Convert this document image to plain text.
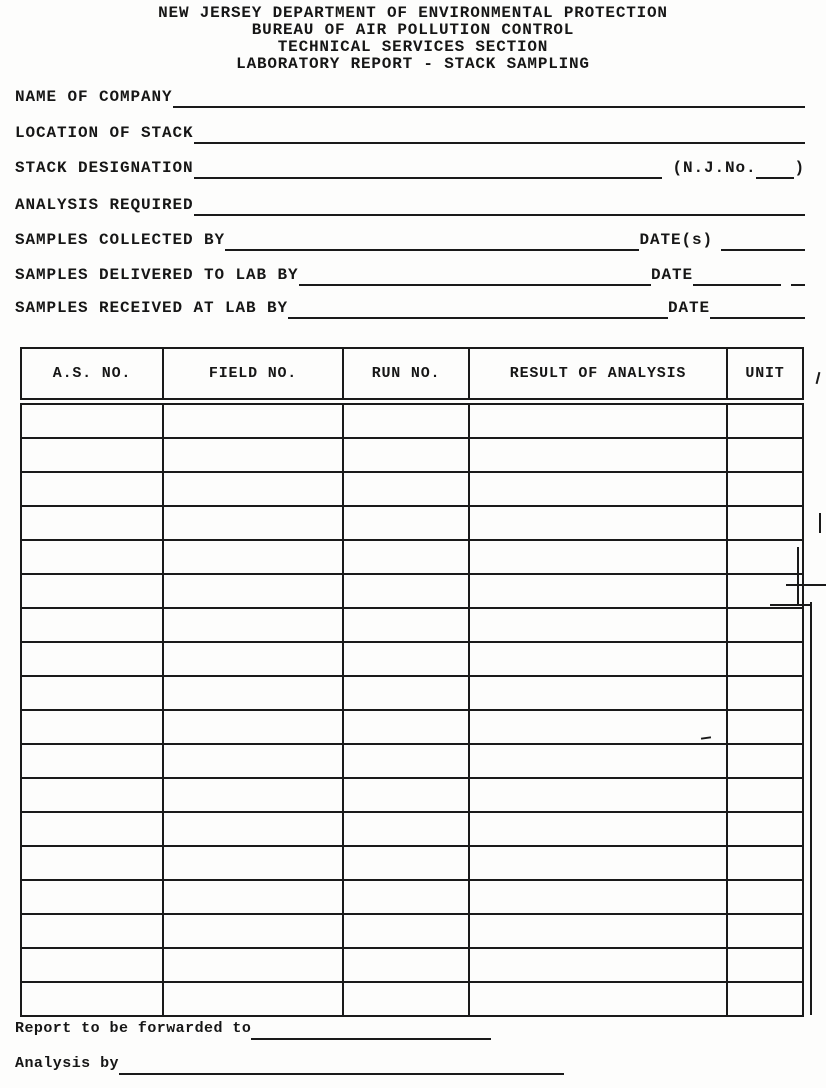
NEW JERSEY DEPARTMENT OF ENVIRONMENTAL PROTECTION
BUREAU OF AIR POLLUTION CONTROL
TECHNICAL SERVICES SECTION
LABORATORY REPORT - STACK SAMPLING
NAME OF COMPANY
LOCATION OF STACK
STACK DESIGNATION	(N.J.No. )
ANALYSIS REQUIRED
SAMPLES COLLECTED BY	DATE(s)
SAMPLES DELIVERED TO LAB BY	DATE
SAMPLES RECEIVED AT LAB BY	DATE
A.S. NO.	FIELD NO.	RUN NO.	RESULT OF ANALYSIS	UNIT

Report to be forwarded to
Analysis by
